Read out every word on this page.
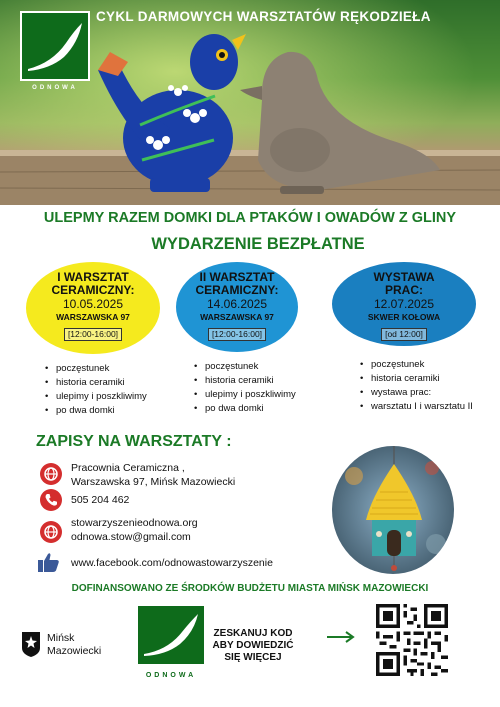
CYKL DARMOWYCH WARSZTATÓW RĘKODZIEŁA
ODNOWA
ULEPMY RAZEM DOMKI DLA PTAKÓW I OWADÓW Z GLINY
WYDARZENIE BEZPŁATNE
I WARSZTAT
CERAMICZNY:
10.05.2025
WARSZAWSKA 97
[12:00-16:00]
II WARSZTAT
CERAMICZNY:
14.06.2025
WARSZAWSKA 97
[12:00-16:00]
WYSTAWA
PRAC:
12.07.2025
SKWER KOŁOWA
[od 12:00]
• poczęstunek
• historia ceramiki
• ulepimy i poszkliwimy
• po dwa domki
• poczęstunek
• historia ceramiki
• ulepimy i poszkliwimy
• po dwa domki
• poczęstunek
• historia ceramiki
• wystawa prac:
• warsztatu I i warsztatu II
ZAPISY NA WARSZTATY :
Pracownia Ceramiczna ,
Warszawska 97, Mińsk Mazowiecki
505 204 462
stowarzyszenieodnowa.org
odnowa.stow@gmail.com
www.facebook.com/odnowastowarzyszenie
DOFINANSOWANO ZE ŚRODKÓW BUDŻETU MIASTA MIŃSK MAZOWIECKI
Mińsk
Mazowiecki
ODNOWA
ZESKANUJ KOD
ABY DOWIEDZIĆ
SIĘ WIĘCEJ
